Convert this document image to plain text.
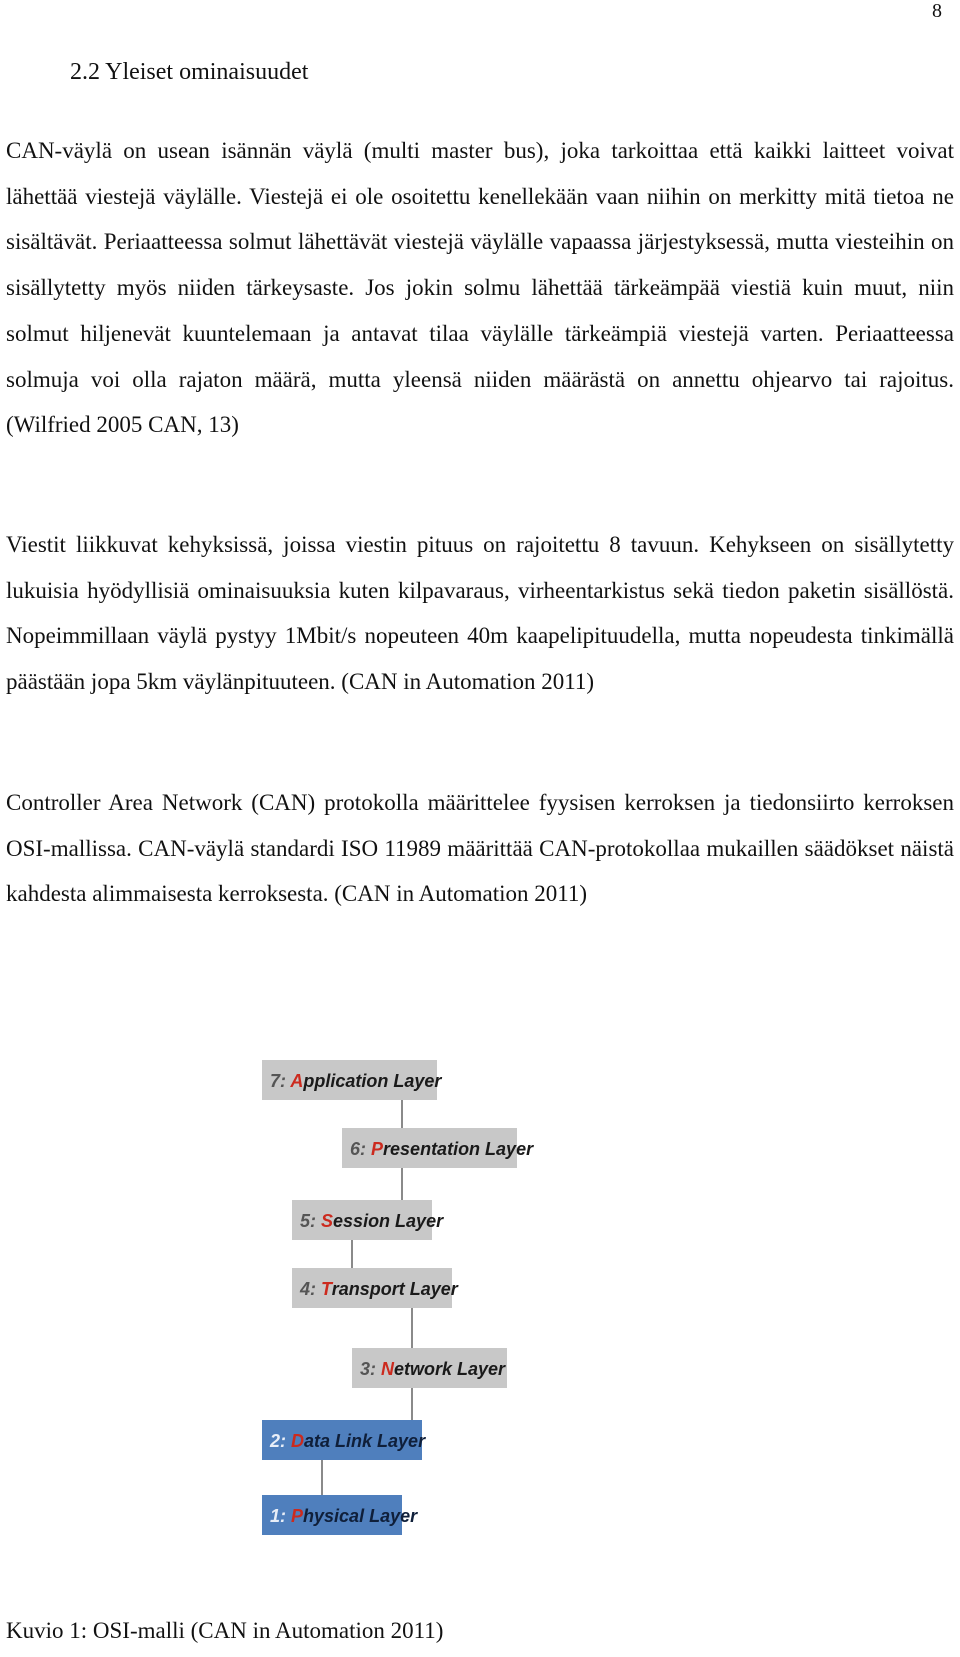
8
2.2 Yleiset ominaisuudet

CAN-väylä on usean isännän väylä (multi master bus), joka tarkoittaa että kaikki laitteet voivat lähettää viestejä väylälle. Viestejä ei ole osoitettu kenellekään vaan niihin on merkitty mitä tietoa ne sisältävät. Periaatteessa solmut lähettävät viestejä väylälle vapaassa järjestyksessä, mutta viesteihin on sisällytetty myös niiden tärkeysaste. Jos jokin solmu lähettää tärkeämpää viestiä kuin muut, niin solmut hiljenevät kuuntelemaan ja antavat tilaa väylälle tärkeämpiä viestejä varten. Periaatteessa solmuja voi olla rajaton määrä, mutta yleensä niiden määrästä on annettu ohjearvo tai rajoitus. (Wilfried 2005 CAN, 13)

Viestit liikkuvat kehyksissä, joissa viestin pituus on rajoitettu 8 tavuun. Kehykseen on sisällytetty lukuisia hyödyllisiä ominaisuuksia kuten kilpavaraus, virheentarkistus sekä tiedon paketin sisällöstä. Nopeimmillaan väylä pystyy 1Mbit/s nopeuteen 40m kaapelipituudella, mutta nopeudesta tinkimällä päästään jopa 5km väylänpituuteen. (CAN in Automation 2011)

Controller Area Network (CAN) protokolla määrittelee fyysisen kerroksen ja tiedonsiirto kerroksen OSI-mallissa. CAN-väylä standardi ISO 11989 määrittää CAN-protokollaa mukaillen säädökset näistä kahdesta alimmaisesta kerroksesta. (CAN in Automation 2011)

7: Application Layer
6: Presentation Layer
5: Session Layer
4: Transport Layer
3: Network Layer
2: Data Link Layer
1: Physical Layer
Kuvio 1: OSI-malli (CAN in Automation 2011)
